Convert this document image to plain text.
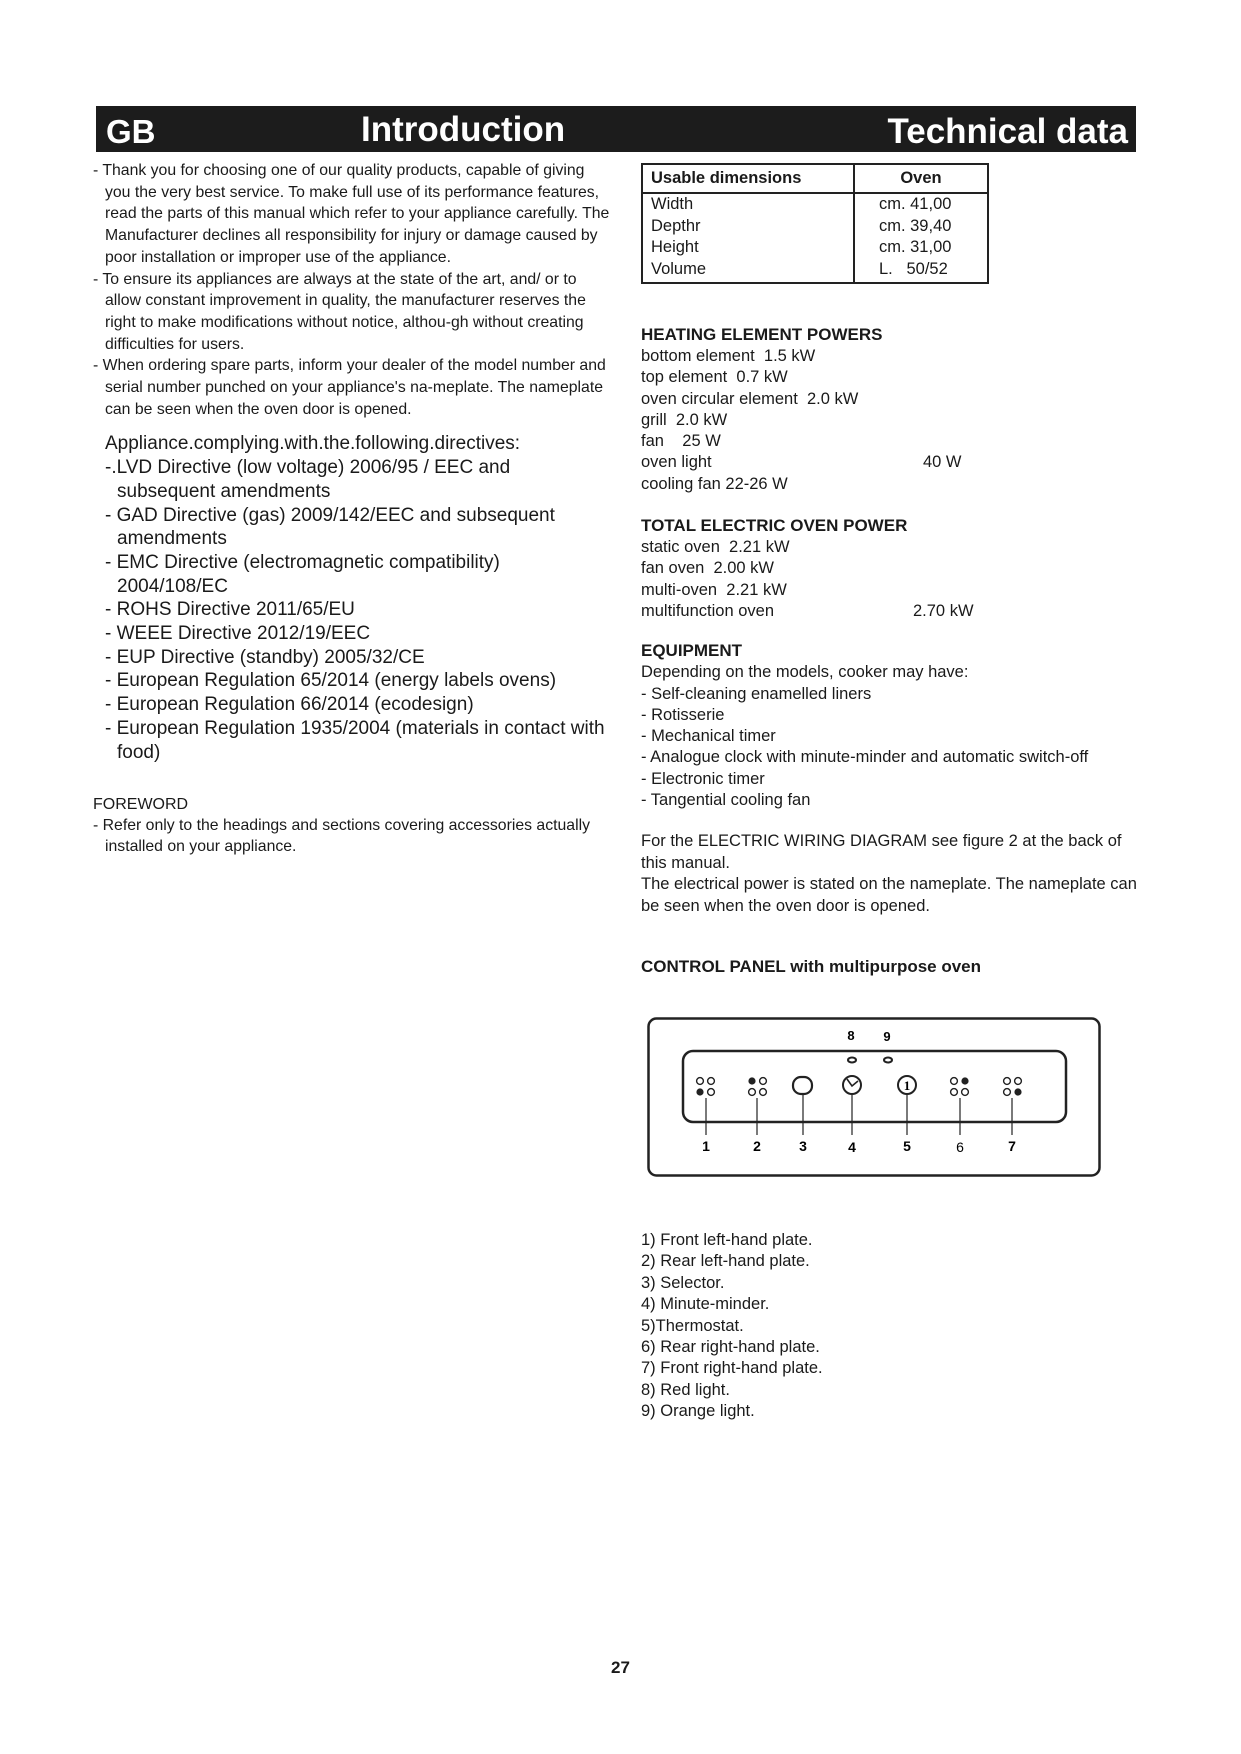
GB	Introduction	Technical data
- Thank you for choosing one of our quality products, capable of giving you the very best service. To make full use of its performance features, read the parts of this manual which refer to your appliance carefully. The Manufacturer declines all responsibility for injury or damage caused by poor installation or improper use of the appliance.
- To ensure its appliances are always at the state of the art, and/ or to allow constant improvement in quality, the manufacturer reserves the right to make modifications without notice, althou-gh without creating difficulties for users.
- When ordering spare parts, inform your dealer of the model number and serial number punched on your appliance's na-meplate. The nameplate can be seen when the oven door is opened.
Appliance.complying.with.the.following.directives:
-.LVD Directive (low voltage) 2006/95 / EEC and subsequent amendments
- GAD Directive (gas) 2009/142/EEC and subsequent amendments
- EMC Directive (electromagnetic compatibility) 2004/108/EC
- ROHS Directive 2011/65/EU
- WEEE Directive 2012/19/EEC
- EUP Directive (standby) 2005/32/CE
- European Regulation 65/2014 (energy labels ovens)
- European Regulation 66/2014 (ecodesign)
- European Regulation 1935/2004 (materials in contact with food)
FOREWORD
- Refer only to the headings and sections covering accessories actually installed on your appliance.
Usable dimensions	Oven
Width	cm. 41,00
Depthr	cm. 39,40
Height	cm. 31,00
Volume	L.   50/52
HEATING ELEMENT POWERS
bottom element  1.5 kW
top element  0.7 kW
oven circular element  2.0 kW
grill  2.0 kW
fan    25 W
oven light	40 W
cooling fan 22-26 W
TOTAL ELECTRIC OVEN POWER
static oven  2.21 kW
fan oven  2.00 kW
multi-oven  2.21 kW
multifunction oven	2.70 kW
EQUIPMENT
Depending on the models, cooker may have:
- Self-cleaning enamelled liners
- Rotisserie
- Mechanical timer
- Analogue clock with minute-minder and automatic switch-off
- Electronic timer
- Tangential cooling fan
For the ELECTRIC WIRING DIAGRAM see figure 2 at the back of this manual.
The electrical power is stated on the nameplate. The nameplate can be seen when the oven door is opened.
CONTROL PANEL with multipurpose oven
8 9
1
1	2	3	4	5	6	7
1) Front left-hand plate.
2) Rear left-hand plate.
3) Selector.
4) Minute-minder.
5)Thermostat.
6) Rear right-hand plate.
7) Front right-hand plate.
8) Red light.
9) Orange light.
27
